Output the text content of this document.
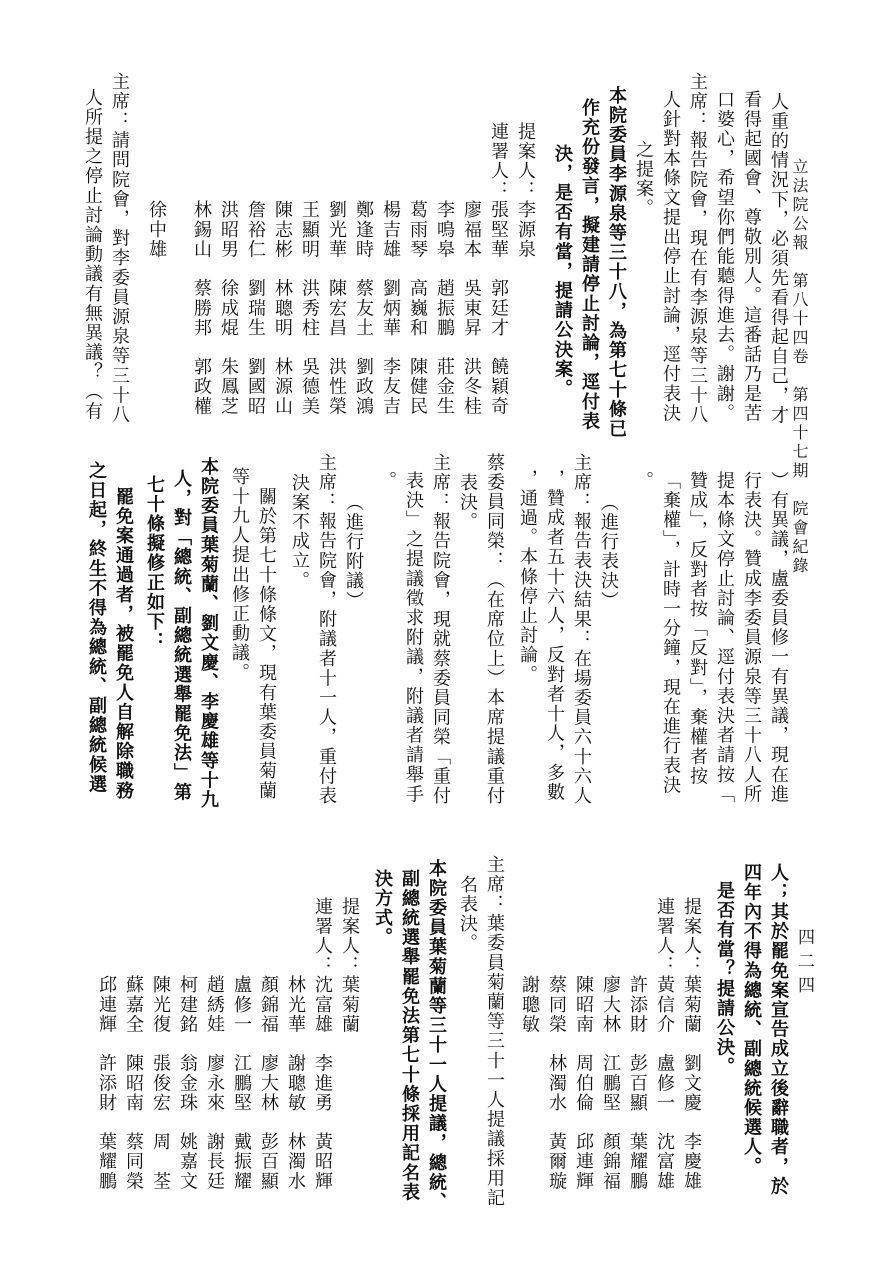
立法院公報　第八十四卷　第四十七期　院會紀錄
四二四
人重的情況下，必須先看得起自己，才
看得起國會、尊敬別人。這番話乃是苦
口婆心，希望你們能聽得進去。謝謝。
主席：報告院會，現在有李源泉等三十八
人針對本條文提出停止討論，逕付表決
之提案。
本院委員李源泉等三十八，為第七十條已
作充份發言，擬建請停止討論，逕付表
決，是否有當，提請公決案。
提案人：李源泉
連署人：張堅華　郭廷才　饒穎奇
　　　　廖福本　吳東昇　洪冬桂
　　　　李鳴皋　趙振鵬　莊金生
　　　　葛雨琴　高巍和　陳健民
　　　　楊吉雄　劉炳華　李友吉
　　　　鄭逢時　蔡友土　劉政鴻
　　　　劉光華　陳宏昌　洪性榮
　　　　王顯明　洪秀柱　吳德美
　　　　陳志彬　林聰明　林源山
　　　　詹裕仁　劉瑞生　劉國昭
　　　　洪昭男　徐成焜　朱鳳芝
　　　　林錫山　蔡勝邦　郭政權
　　　　徐中雄
主席：請問院會，對李委員源泉等三十八
人所提之停止討論動議有無異議？（有
）有異議，盧委員修一有異議，現在進
行表決。贊成李委員源泉等三十八人所
提本條文停止討論、逕付表決者請按「
贊成」，反對者按「反對」，棄權者按
「棄權」，計時一分鐘，現在進行表決
。
（進行表決）
主席：報告表決結果：在場委員六十六人
，贊成者五十六人，反對者十人，多數
，通過。本條停止討論。
蔡委員同榮：（在席位上）本席提議重付
表決。
主席：報告院會，現就蔡委員同榮「重付
表決」之提議徵求附議，附議者請舉手
。
（進行附議）
主席：報告院會，附議者十一人，重付表
決案不成立。
關於第七十條條文，現有葉委員菊蘭
等十九人提出修正動議。
本院委員葉菊蘭、劉文慶、李慶雄等十九
人，對「總統、副總統選舉罷免法」第
七十條擬修正如下：
罷免案通過者，被罷免人自解除職務
之日起，終生不得為總統、副總統候選
人；其於罷免案宣告成立後辭職者，於
四年內不得為總統、副總統候選人。
是否有當？提請公決。
提案人：葉菊蘭　劉文慶　李慶雄
連署人：黃信介　盧修一　沈富雄
　　　　許添財　彭百顯　葉耀鵬
　　　　廖大林　江鵬堅　顏錦福
　　　　陳昭南　周伯倫　邱連輝
　　　　蔡同榮　林濁水　黃爾璇
　　　　謝聰敏
主席：葉委員菊蘭等三十一人提議採用記
名表決。
本院委員葉菊蘭等三十一人提議，總統、
副總統選舉罷免法第七十條採用記名表
決方式。
提案人：葉菊蘭
連署人：沈富雄　李進勇　黃昭輝
　　　　林光華　謝聰敏　林濁水
　　　　顏錦福　廖大林　彭百顯
　　　　盧修一　江鵬堅　戴振耀
　　　　趙綉娃　廖永來　謝長廷
　　　　柯建銘　翁金珠　姚嘉文
　　　　陳光復　張俊宏　周　荃
　　　　蘇嘉全　陳昭南　蔡同榮
　　　　邱連輝　許添財　葉耀鵬
